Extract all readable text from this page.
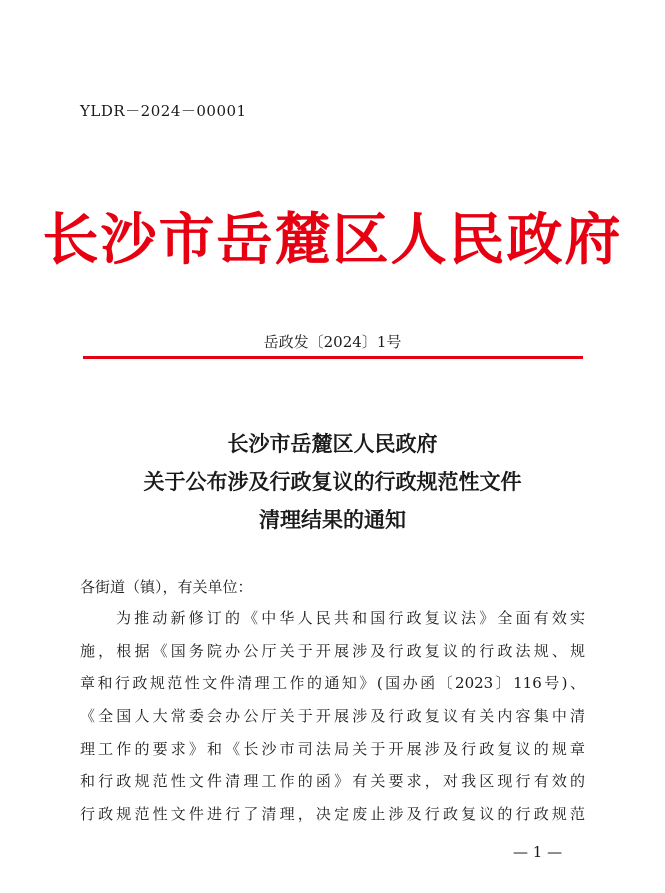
YLDR－2024－00001
长沙市岳麓区人民政府
岳政发〔2024〕1号
长沙市岳麓区人民政府
关于公布涉及行政复议的行政规范性文件
清理结果的通知
各街道（镇），有关单位：
为推动新修订的《中华人民共和国行政复议法》全面有效实
施，根据《国务院办公厅关于开展涉及行政复议的行政法规、规
章和行政规范性文件清理工作的通知》(国办函〔2023〕116号)、
《全国人大常委会办公厅关于开展涉及行政复议有关内容集中清
理工作的要求》和《长沙市司法局关于开展涉及行政复议的规章
和行政规范性文件清理工作的函》有关要求，对我区现行有效的
行政规范性文件进行了清理，决定废止涉及行政复议的行政规范
— 1 —
